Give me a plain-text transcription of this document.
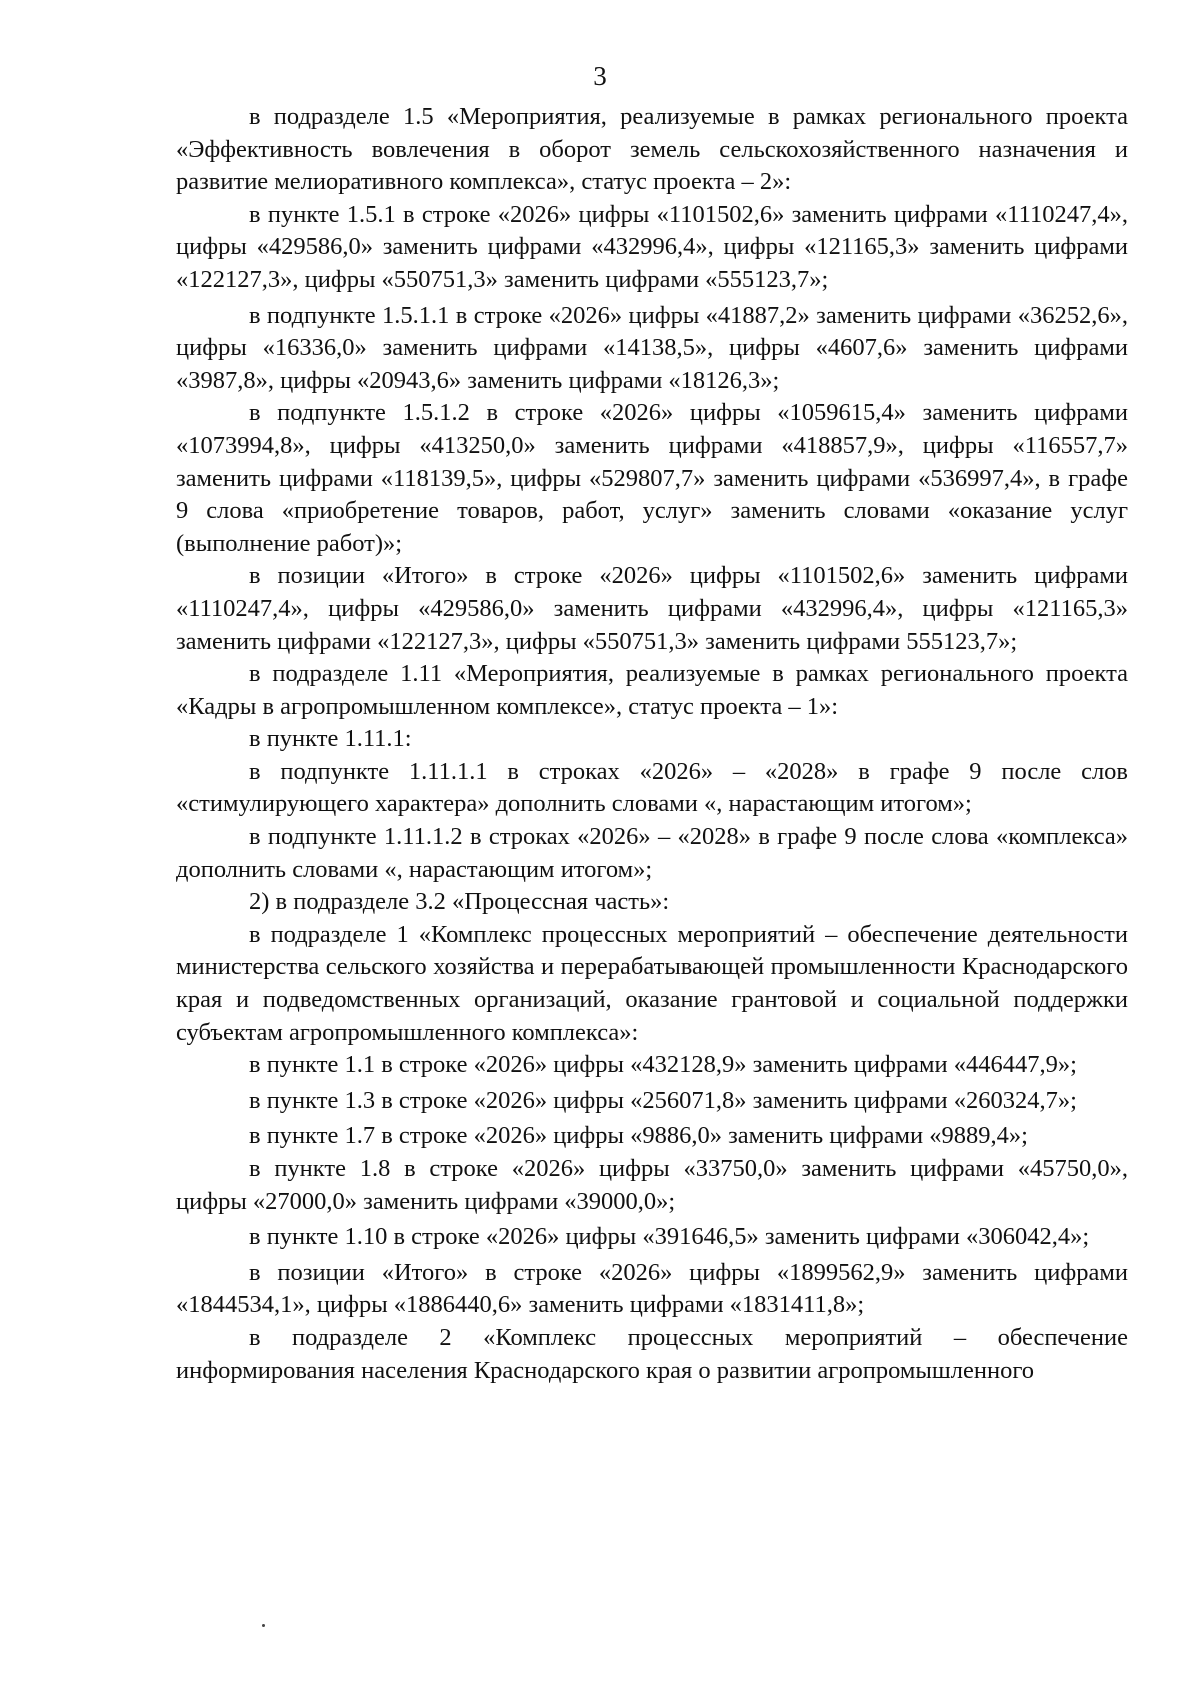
3

в подразделе 1.5 «Мероприятия, реализуемые в рамках регионального проекта «Эффективность вовлечения в оборот земель сельскохозяйственного назначения и развитие мелиоративного комплекса», статус проекта – 2»:

в пункте 1.5.1 в строке «2026» цифры «1101502,6» заменить цифрами «1110247,4», цифры «429586,0» заменить цифрами «432996,4», цифры «121165,3» заменить цифрами «122127,3», цифры «550751,3» заменить цифрами «555123,7»;

в подпункте 1.5.1.1 в строке «2026» цифры «41887,2» заменить цифрами «36252,6», цифры «16336,0» заменить цифрами «14138,5», цифры «4607,6» заменить цифрами «3987,8», цифры «20943,6» заменить цифрами «18126,3»;

в подпункте 1.5.1.2 в строке «2026» цифры «1059615,4» заменить цифрами «1073994,8», цифры «413250,0» заменить цифрами «418857,9», цифры «116557,7» заменить цифрами «118139,5», цифры «529807,7» заменить цифрами «536997,4», в графе 9 слова «приобретение товаров, работ, услуг» заменить словами «оказание услуг (выполнение работ)»;

в позиции «Итого» в строке «2026» цифры «1101502,6» заменить цифрами «1110247,4», цифры «429586,0» заменить цифрами «432996,4», цифры «121165,3» заменить цифрами «122127,3», цифры «550751,3» заменить цифрами 555123,7»;

в подразделе 1.11 «Мероприятия, реализуемые в рамках регионального проекта «Кадры в агропромышленном комплексе», статус проекта – 1»:

в пункте 1.11.1:

в подпункте 1.11.1.1 в строках «2026» – «2028» в графе 9 после слов «стимулирующего характера» дополнить словами «, нарастающим итогом»;

в подпункте 1.11.1.2 в строках «2026» – «2028» в графе 9 после слова «комплекса» дополнить словами «, нарастающим итогом»;

2) в подразделе 3.2 «Процессная часть»:

в подразделе 1 «Комплекс процессных мероприятий – обеспечение деятельности министерства сельского хозяйства и перерабатывающей промышленности Краснодарского края и подведомственных организаций, оказание грантовой и социальной поддержки субъектам агропромышленного комплекса»:

в пункте 1.1 в строке «2026» цифры «432128,9» заменить цифрами «446447,9»;

в пункте 1.3 в строке «2026» цифры «256071,8» заменить цифрами «260324,7»;

в пункте 1.7 в строке «2026» цифры «9886,0» заменить цифрами «9889,4»;

в пункте 1.8 в строке «2026» цифры «33750,0» заменить цифрами «45750,0», цифры «27000,0» заменить цифрами «39000,0»;

в пункте 1.10 в строке «2026» цифры «391646,5» заменить цифрами «306042,4»;

в позиции «Итого» в строке «2026» цифры «1899562,9» заменить цифрами «1844534,1», цифры «1886440,6» заменить цифрами «1831411,8»;

в подразделе 2 «Комплекс процессных мероприятий – обеспечение информирования населения Краснодарского края о развитии агропромышленного
